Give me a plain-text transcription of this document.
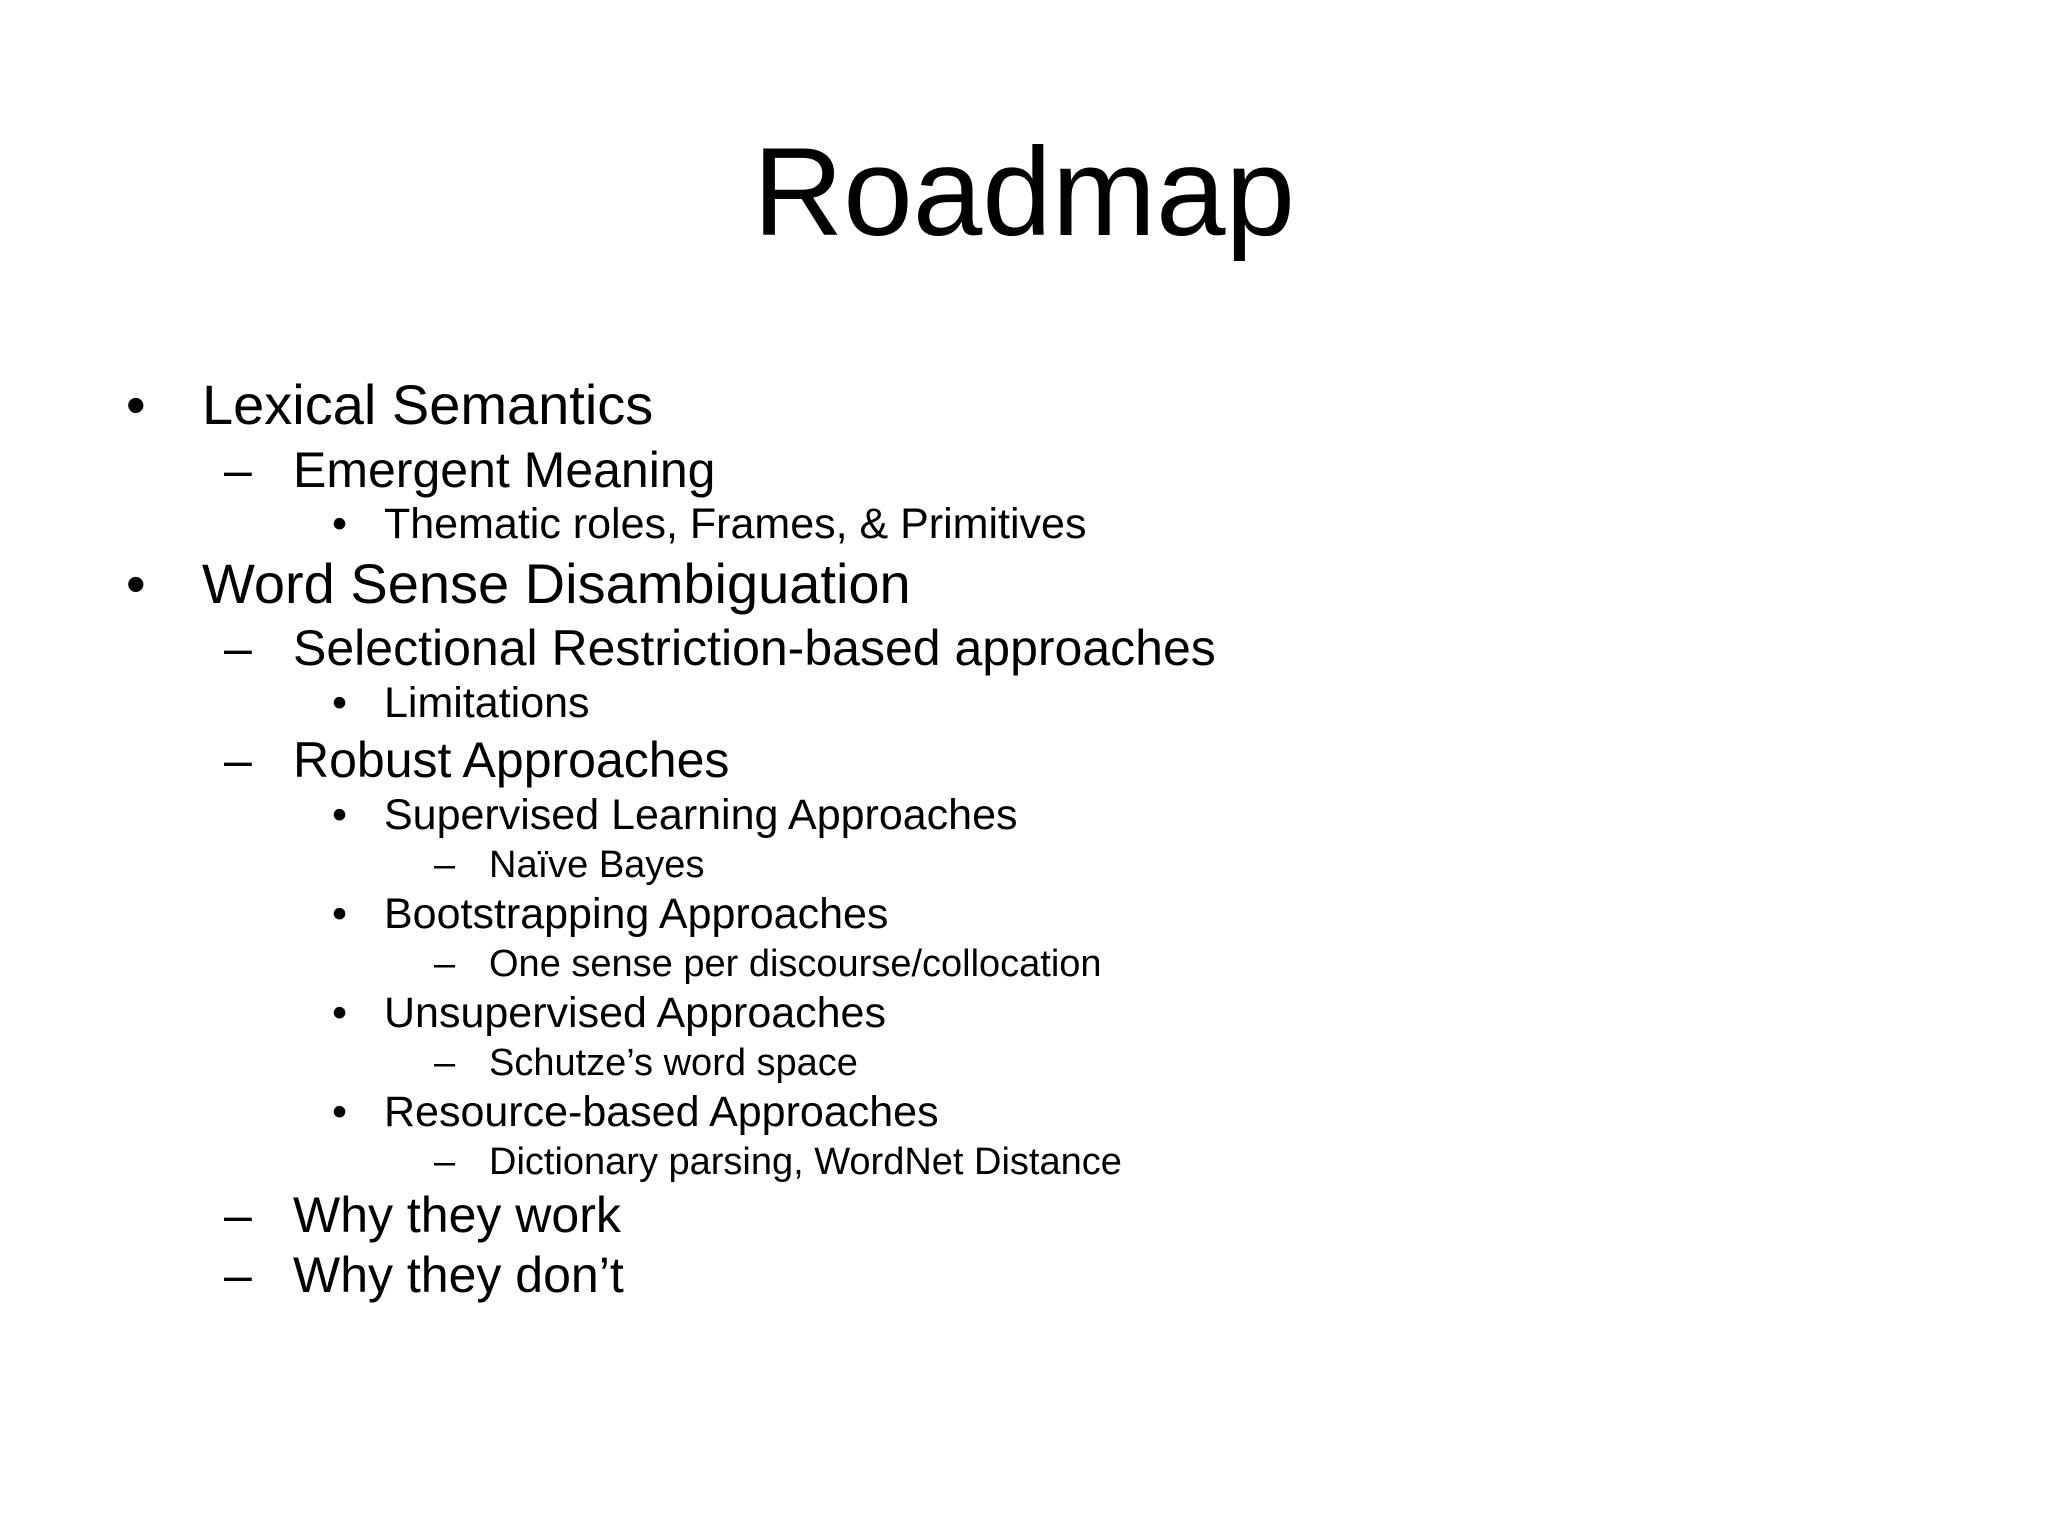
Roadmap
• Lexical Semantics
– Emergent Meaning
• Thematic roles, Frames, & Primitives
• Word Sense Disambiguation
– Selectional Restriction-based approaches
• Limitations
– Robust Approaches
• Supervised Learning Approaches
– Naïve Bayes
• Bootstrapping Approaches
– One sense per discourse/collocation
• Unsupervised Approaches
– Schutze’s word space
• Resource-based Approaches
– Dictionary parsing, WordNet Distance
– Why they work
– Why they don’t
